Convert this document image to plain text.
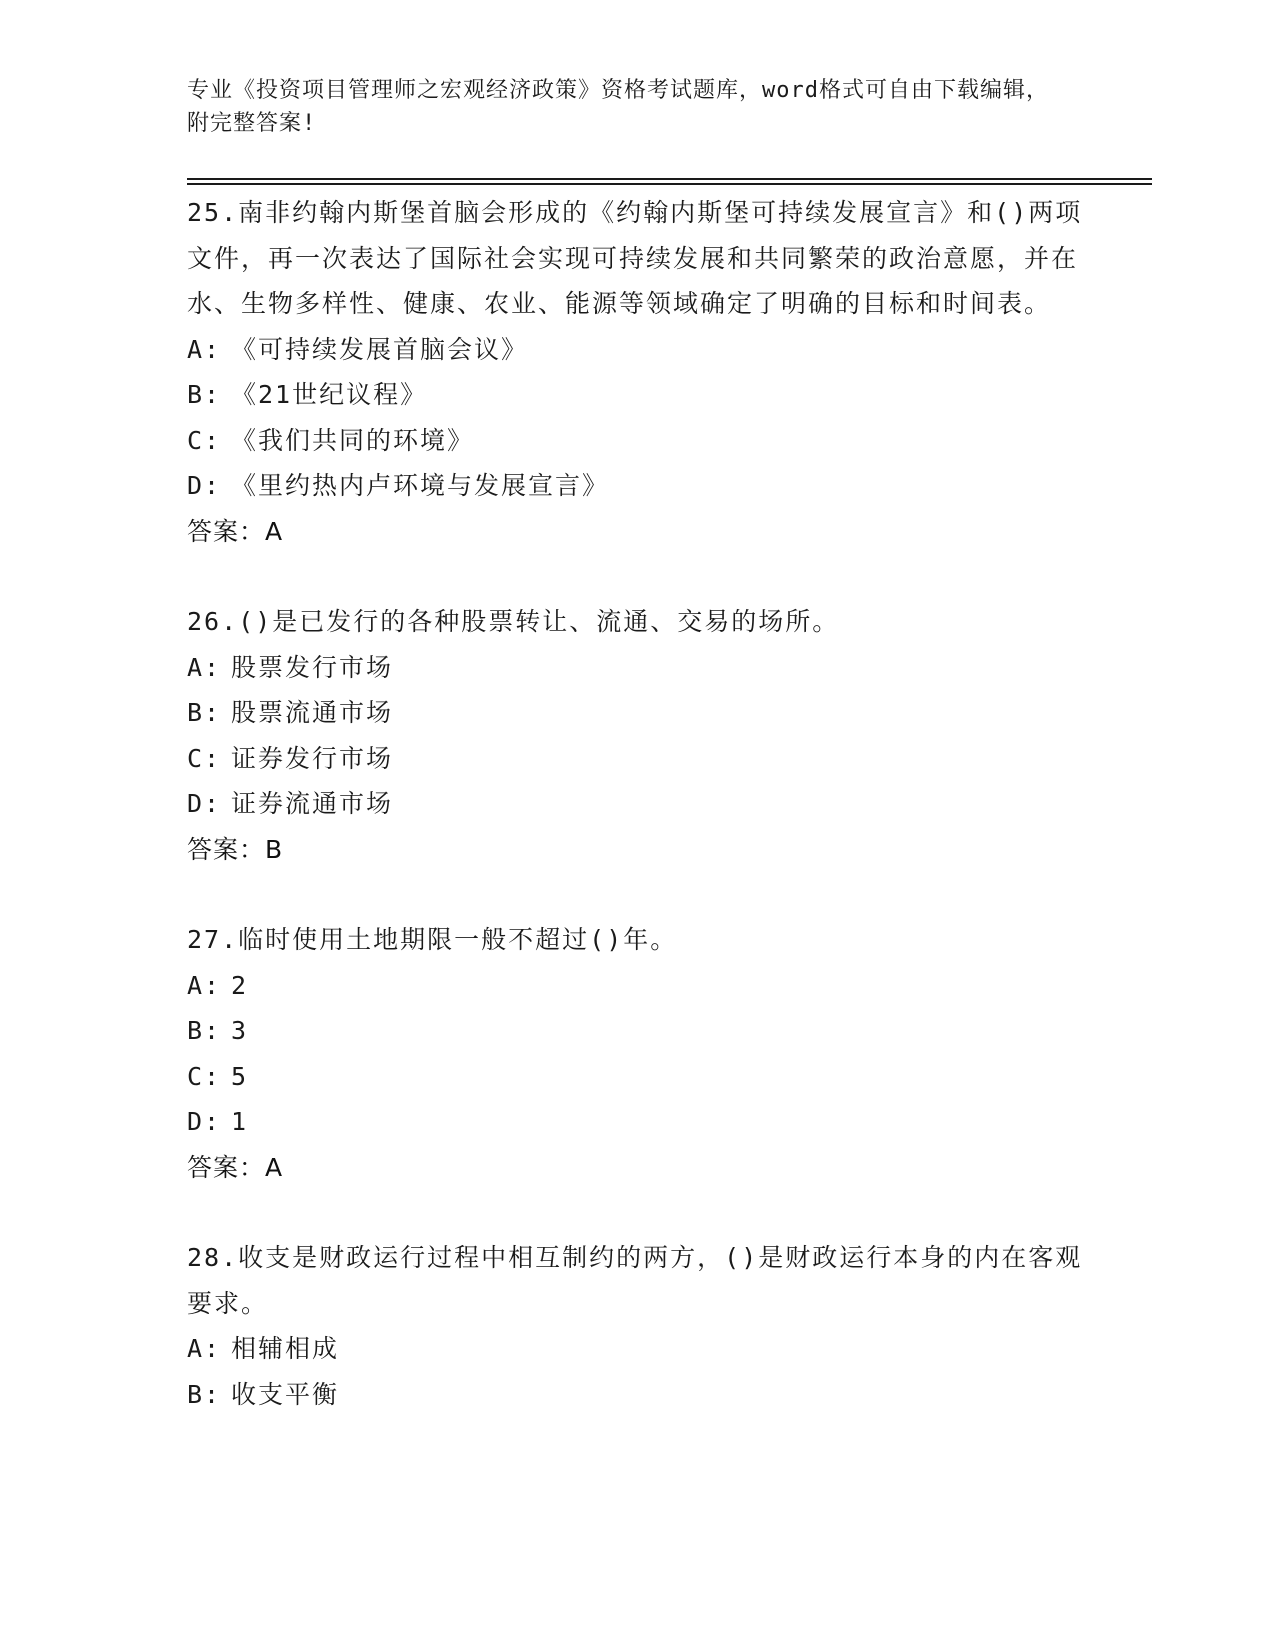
专业《投资项目管理师之宏观经济政策》资格考试题库，word格式可自由下载编辑，附完整答案!

25.南非约翰内斯堡首脑会形成的《约翰内斯堡可持续发展宣言》和()两项文件，再一次表达了国际社会实现可持续发展和共同繁荣的政治意愿，并在水、生物多样性、健康、农业、能源等领域确定了明确的目标和时间表。

A: 《可持续发展首脑会议》
B: 《21世纪议程》
C: 《我们共同的环境》
D: 《里约热内卢环境与发展宣言》
答案：A

26.()是已发行的各种股票转让、流通、交易的场所。

A: 股票发行市场
B: 股票流通市场
C: 证券发行市场
D: 证券流通市场
答案：B

27.临时使用土地期限一般不超过()年。

A: 2
B: 3
C: 5
D: 1
答案：A

28.收支是财政运行过程中相互制约的两方，()是财政运行本身的内在客观要求。

A: 相辅相成
B: 收支平衡
